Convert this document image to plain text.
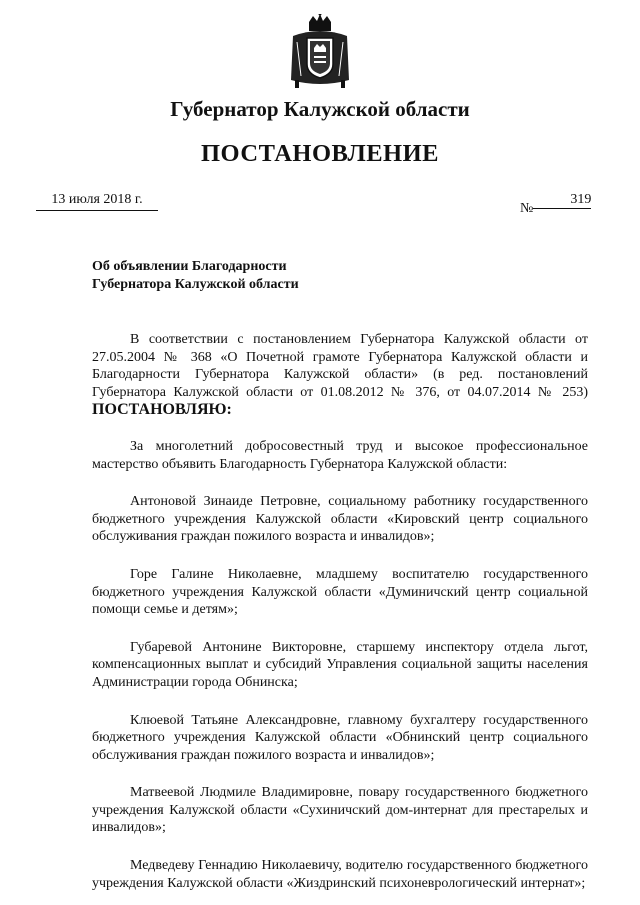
Губернатор Калужской области
ПОСТАНОВЛЕНИЕ
13 июля 2018 г.
№319
Об объявлении Благодарности
Губернатора Калужской области

В соответствии с постановлением Губернатора Калужской области от 27.05.2004 № 368 «О Почетной грамоте Губернатора Калужской области и Благодарности Губернатора Калужской области» (в ред. постановлений Губернатора Калужской области от 01.08.2012 № 376, от 04.07.2014 № 253) ПОСТАНОВЛЯЮ:

За многолетний добросовестный труд и высокое профессиональное мастерство объявить Благодарность Губернатора Калужской области:

Антоновой Зинаиде Петровне, социальному работнику государственного бюджетного учреждения Калужской области «Кировский центр социального обслуживания граждан пожилого возраста и инвалидов»;

Горе Галине Николаевне, младшему воспитателю государственного бюджетного учреждения Калужской области «Думиничский центр социальной помощи семье и детям»;

Губаревой Антонине Викторовне, старшему инспектору отдела льгот, компенсационных выплат и субсидий Управления социальной защиты населения Администрации города Обнинска;

Клюевой Татьяне Александровне, главному бухгалтеру государственного бюджетного учреждения Калужской области «Обнинский центр социального обслуживания граждан пожилого возраста и инвалидов»;

Матвеевой Людмиле Владимировне, повару государственного бюджетного учреждения Калужской области «Сухиничский дом-интернат для престарелых и инвалидов»;

Медведеву Геннадию Николаевичу, водителю государственного бюджетного учреждения Калужской области «Жиздринский психоневрологический интернат»;
